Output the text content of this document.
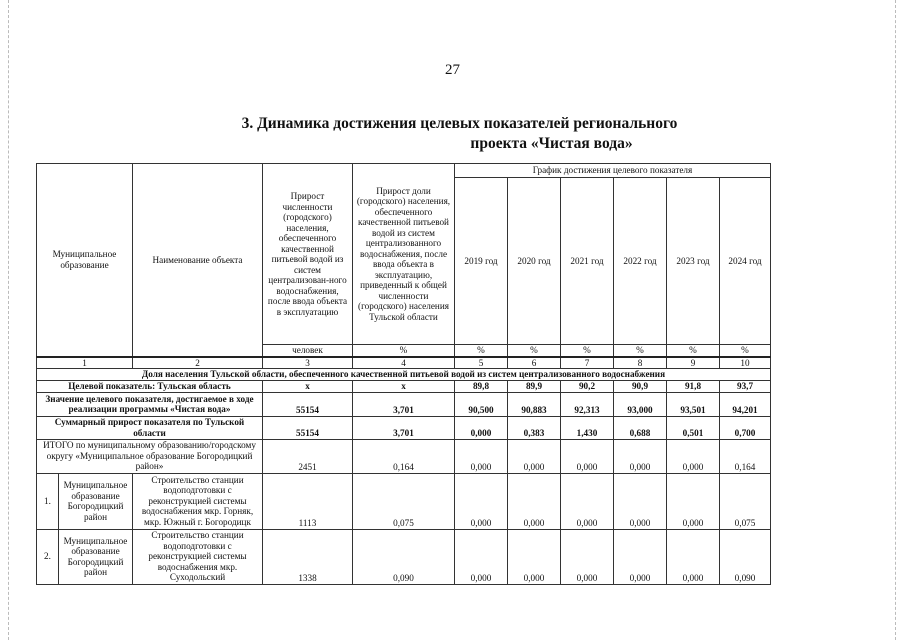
27
3. Динамика достижения целевых показателей регионального
проекта «Чистая вода»
Муниципальное образование		Наименование объекта	Прирост численности (городского) населения, обеспеченного качественной питьевой водой из систем централизован-ного водоснабжения, после ввода объекта в эксплуатацию	Прирост доли (городского) населения, обеспеченного качественной питьевой водой из систем централизованного водоснабжения, после ввода объекта в эксплуатацию, приведенный к общей численности (городского) населения Тульской области	График достижения целевого показателя					
					2019 год	2020 год	2021 год	2022 год	2023 год	2024 год
			человек	%	%	%	%	%	%	%
1		2	3	4	5	6	7	8	9	10
Доля населения Тульской области, обеспеченного качественной питьевой водой из систем централизованного водоснабжения										
Целевой показатель: Тульская область			х	х	89,8	89,9	90,2	90,9	91,8	93,7
Значение целевого показателя, достигаемое в ходе реализации программы «Чистая вода»			55154	3,701	90,500	90,883	92,313	93,000	93,501	94,201
Суммарный прирост показателя по Тульской области			55154	3,701	0,000	0,383	1,430	0,688	0,501	0,700
ИТОГО по муниципальному образованию/городскому округу «Муниципальное образование Богородицкий район»			2451	0,164	0,000	0,000	0,000	0,000	0,000	0,164
1.	Муниципальное образование Богородицкий район	Строительство станции водоподготовки с реконструкцией системы водоснабжения мкр. Горняк, мкр. Южный г. Богородицк	1113	0,075	0,000	0,000	0,000	0,000	0,000	0,075
2.	Муниципальное образование Богородицкий район	Строительство станции водоподготовки с реконструкцией системы водоснабжения мкр. Суходольский	1338	0,090	0,000	0,000	0,000	0,000	0,000	0,090
